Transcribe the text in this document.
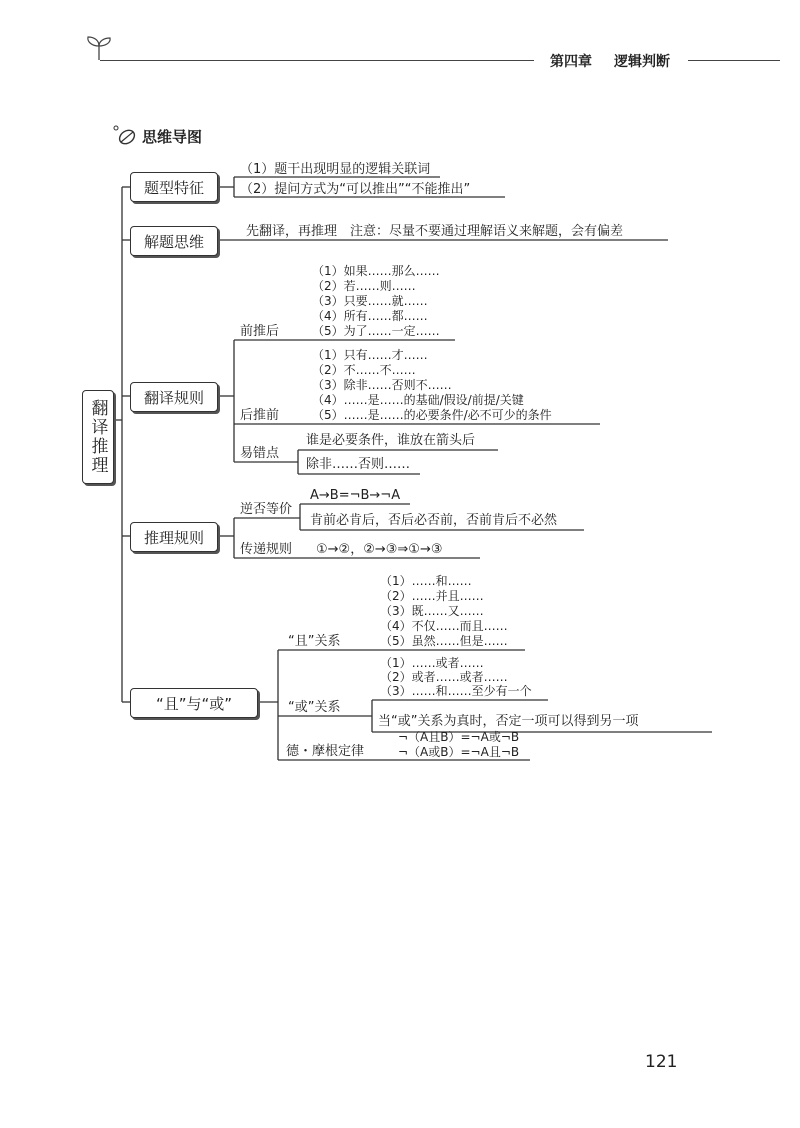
第四章 逻辑判断
思维导图
翻译推理
题型特征
（1）题干出现明显的逻辑关联词
（2）提问方式为“可以推出”“不能推出”
解题思维
先翻译，再推理　注意：尽量不要通过理解语义来解题，会有偏差
翻译规则
前推后
（1）如果……那么……
（2）若……则……
（3）只要……就……
（4）所有……都……
（5）为了……一定……
后推前
（1）只有……才……
（2）不……不……
（3）除非……否则不……
（4）……是……的基础/假设/前提/关键
（5）……是……的必要条件/必不可少的条件
易错点
谁是必要条件，谁放在箭头后
除非……否则……
推理规则
逆否等价
A→B=¬B→¬A
肯前必肯后，否后必否前，否前肯后不必然
传递规则 ①→②，②→③⇒①→③
“且”与“或”
“且”关系
（1）……和……
（2）……并且……
（3）既……又……
（4）不仅……而且……
（5）虽然……但是……
“或”关系
（1）……或者……
（2）或者……或者……
（3）……和……至少有一个
当“或”关系为真时，否定一项可以得到另一项
德・摩根定律
¬（A且B）=¬A或¬B
¬（A或B）=¬A且¬B
121
